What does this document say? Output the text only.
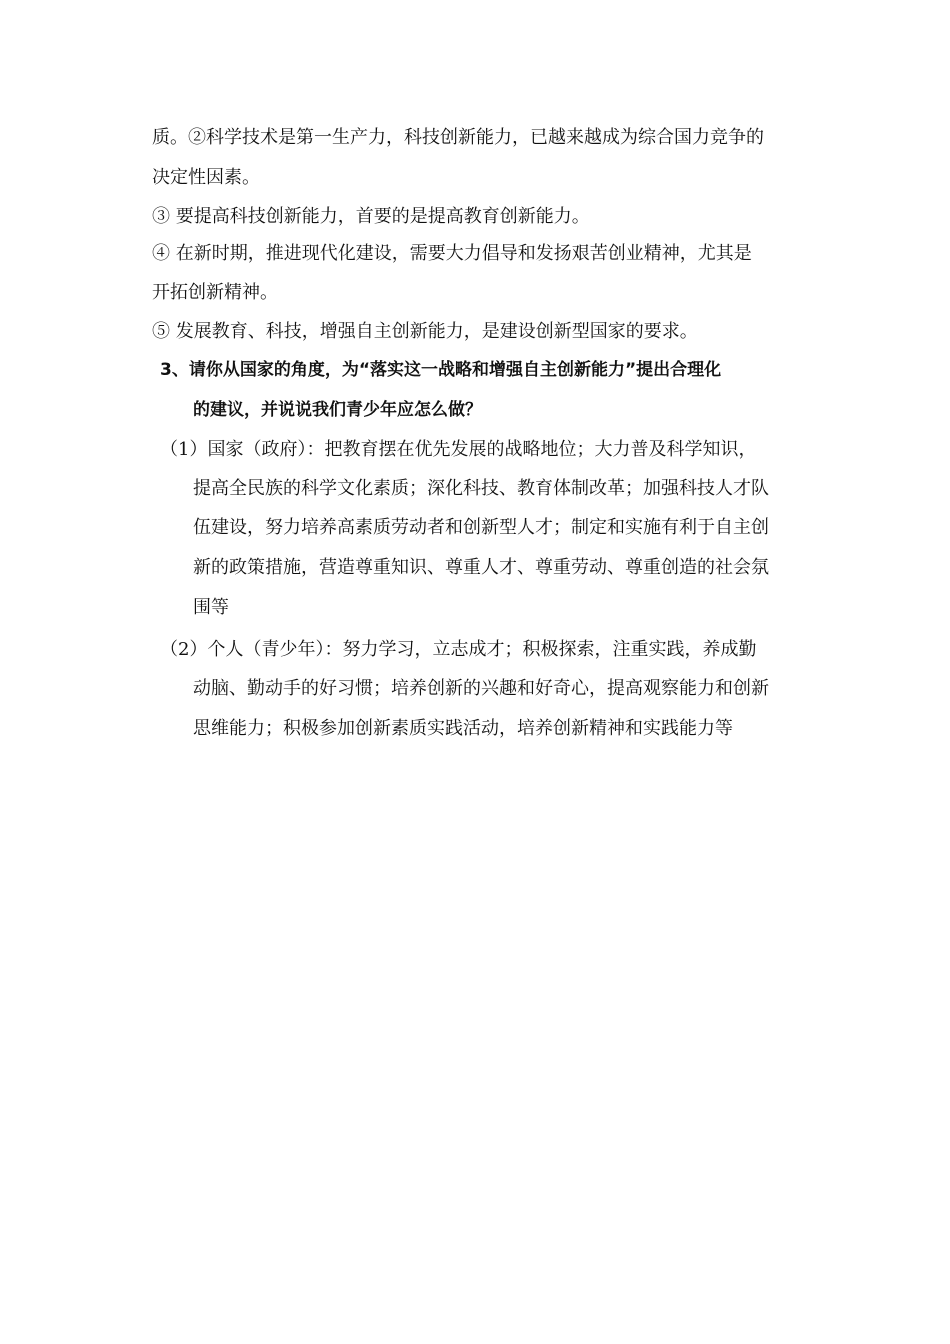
质。②科学技术是第一生产力，科技创新能力，已越来越成为综合国力竞争的
决定性因素。
③ 要提高科技创新能力，首要的是提高教育创新能力。
④ 在新时期，推进现代化建设，需要大力倡导和发扬艰苦创业精神，尤其是
开拓创新精神。
⑤ 发展教育、科技，增强自主创新能力，是建设创新型国家的要求。
3、请你从国家的角度，为“落实这一战略和增强自主创新能力”提出合理化
的建议，并说说我们青少年应怎么做？
（1）国家（政府）：把教育摆在优先发展的战略地位；大力普及科学知识，
提高全民族的科学文化素质；深化科技、教育体制改革；加强科技人才队
伍建设，努力培养高素质劳动者和创新型人才；制定和实施有利于自主创
新的政策措施，营造尊重知识、尊重人才、尊重劳动、尊重创造的社会氛
围等
（2）个人（青少年）：努力学习，立志成才；积极探索，注重实践，养成勤
动脑、勤动手的好习惯；培养创新的兴趣和好奇心，提高观察能力和创新
思维能力；积极参加创新素质实践活动，培养创新精神和实践能力等
